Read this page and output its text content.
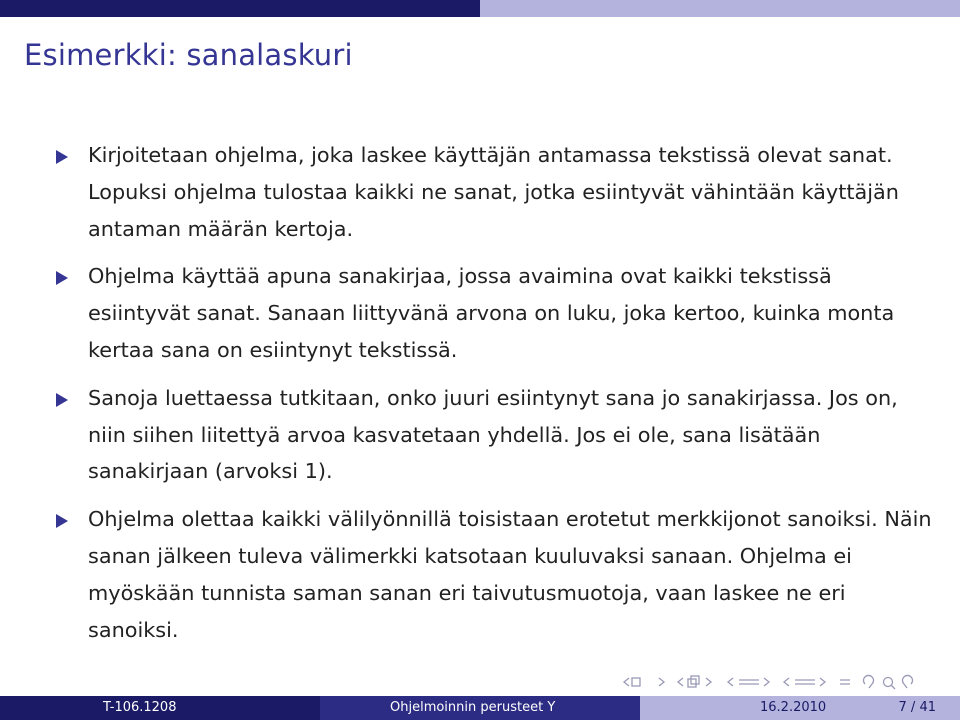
Esimerkki: sanalaskuri
Kirjoitetaan ohjelma, joka laskee käyttäjän antamassa tekstissä olevat sanat. Lopuksi ohjelma tulostaa kaikki ne sanat, jotka esiintyvät vähintään käyttäjän antaman määrän kertoja.
Ohjelma käyttää apuna sanakirjaa, jossa avaimina ovat kaikki tekstissä esiintyvät sanat. Sanaan liittyvänä arvona on luku, joka kertoo, kuinka monta kertaa sana on esiintynyt tekstissä.
Sanoja luettaessa tutkitaan, onko juuri esiintynyt sana jo sanakirjassa. Jos on, niin siihen liitettyä arvoa kasvatetaan yhdellä. Jos ei ole, sana lisätään sanakirjaan (arvoksi 1).
Ohjelma olettaa kaikki välilyönnillä toisistaan erotetut merkkijonot sanoiksi. Näin sanan jälkeen tuleva välimerkki katsotaan kuuluvaksi sanaan. Ohjelma ei myöskään tunnista saman sanan eri taivutusmuotoja, vaan laskee ne eri sanoiksi.
T-106.1208	Ohjelmoinnin perusteet Y	16.2.2010	7 / 41
